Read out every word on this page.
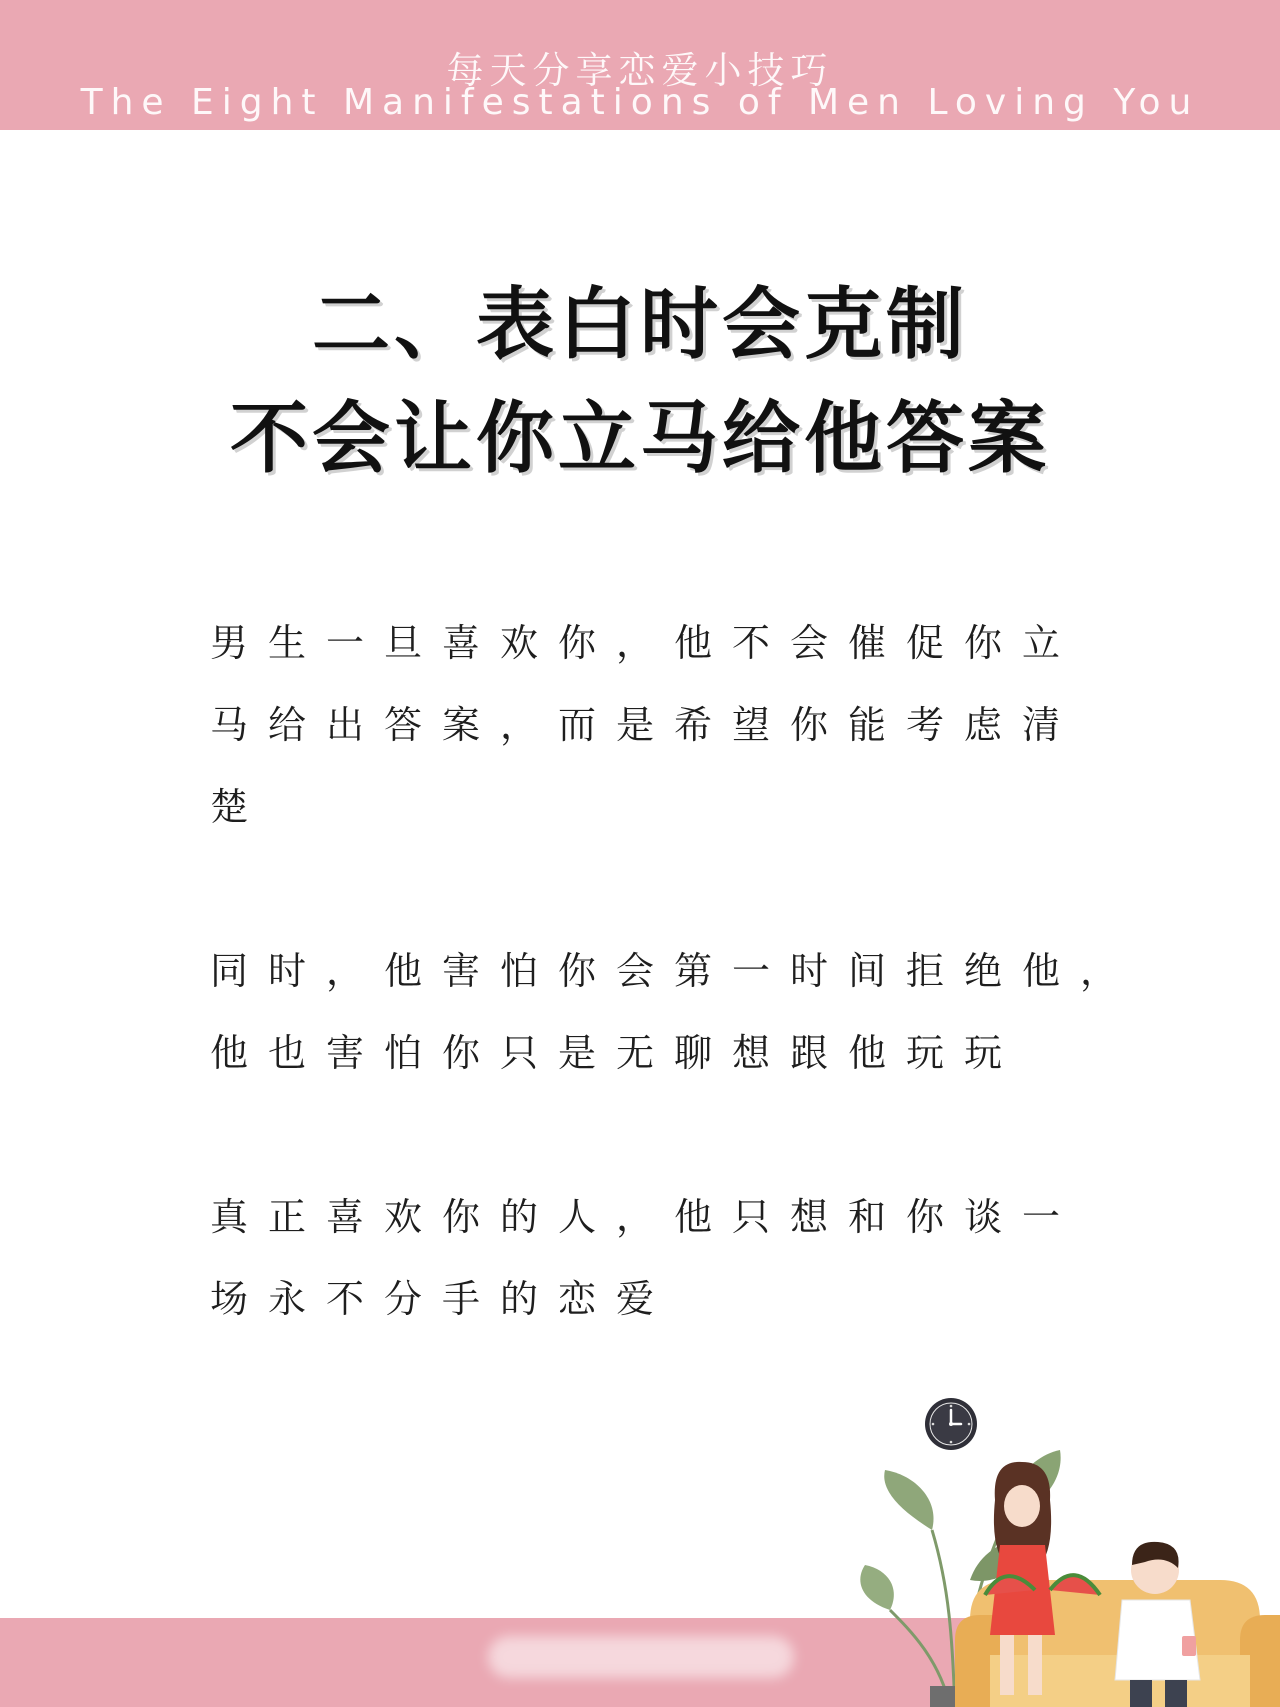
每天分享恋爱小技巧
The Eight Manifestations of Men Loving You
二、表白时会克制
不会让你立马给他答案
男生一旦喜欢你，他不会催促你立
马给出答案，而是希望你能考虑清
楚
同时，他害怕你会第一时间拒绝他，
他也害怕你只是无聊想跟他玩玩
真正喜欢你的人，他只想和你谈一
场永不分手的恋爱
